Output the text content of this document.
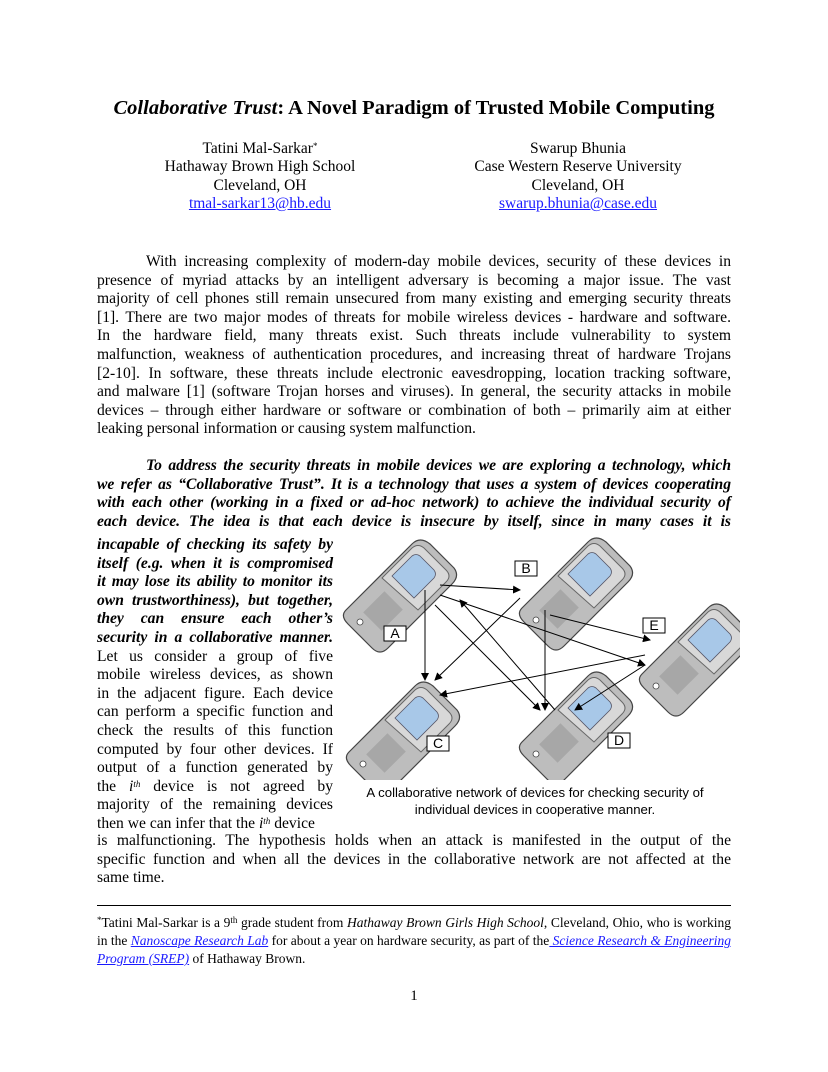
Collaborative Trust: A Novel Paradigm of Trusted Mobile Computing
Tatini Mal-Sarkar*
Hathaway Brown High School
Cleveland, OH
tmal-sarkar13@hb.edu
Swarup Bhunia
Case Western Reserve University
Cleveland, OH
swarup.bhunia@case.edu
With increasing complexity of modern-day mobile devices, security of these devices in
presence of myriad attacks by an intelligent adversary is becoming a major issue. The vast
majority of cell phones still remain unsecured from many existing and emerging security threats
[1]. There are two major modes of threats for mobile wireless devices - hardware and software.
In the hardware field, many threats exist. Such threats include vulnerability to system
malfunction, weakness of authentication procedures, and increasing threat of hardware Trojans
[2-10]. In software, these threats include electronic eavesdropping, location tracking software,
and malware [1] (software Trojan horses and viruses). In general, the security attacks in mobile
devices – through either hardware or software or combination of both – primarily aim at either
leaking personal information or causing system malfunction.
To address the security threats in mobile devices we are exploring a technology, which
we refer as “Collaborative Trust”. It is a technology that uses a system of devices cooperating
with each other (working in a fixed or ad-hoc network) to achieve the individual security of
each device. The idea is that each device is insecure by itself, since in many cases it is
incapable of checking its safety by
itself (e.g. when it is compromised
it may lose its ability to monitor its
own trustworthiness), but together,
they can ensure each other’s
security in a collaborative manner.
Let us consider a group of five
mobile wireless devices, as shown
in the adjacent figure. Each device
can perform a specific function and
check the results of this function
computed by four other devices. If
output of a function generated by
the $i^{th}$ device is not agreed by
majority of the remaining devices
then we can infer that the $i^{th}$ device
is malfunctioning. The hypothesis holds when an attack is manifested in the output of the
specific function and when all the devices in the collaborative network are not affected at the
same time.
A
B
C	D
E
A collaborative network of devices for checking security of
individual devices in cooperative manner.
*Tatini Mal-Sarkar is a 9th grade student from Hathaway Brown Girls High School, Cleveland, Ohio, who is working in the Nanoscape Research Lab for about a year on hardware security, as part of the Science Research & Engineering Program (SREP) of Hathaway Brown.
1
